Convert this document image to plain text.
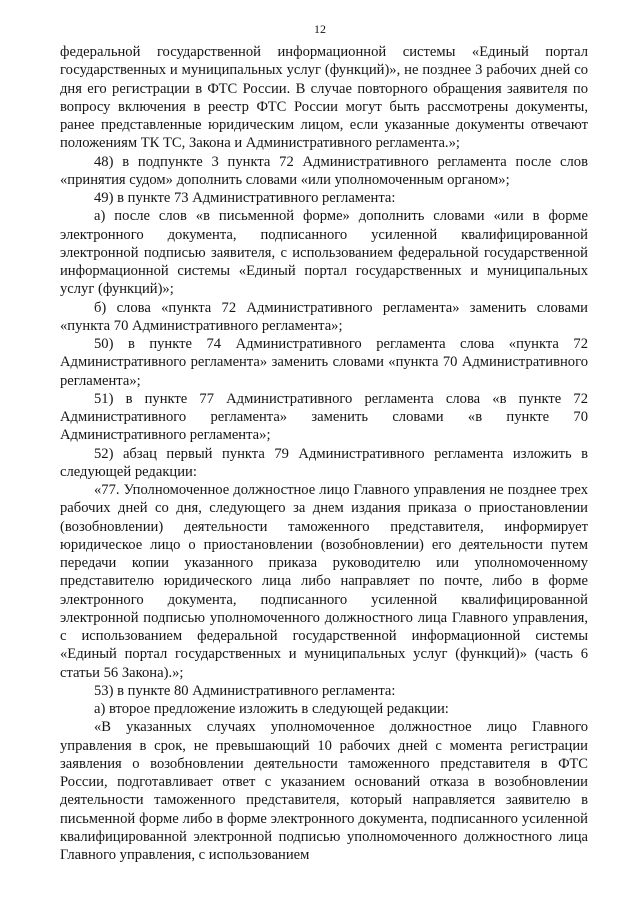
12

федеральной государственной информационной системы «Единый портал государственных и муниципальных услуг (функций)», не позднее 3 рабочих дней со дня его регистрации в ФТС России. В случае повторного обращения заявителя по вопросу включения в реестр ФТС России могут быть рассмотрены документы, ранее представленные юридическим лицом, если указанные документы отвечают положениям ТК ТС, Закона и Административного регламента.»;

48) в подпункте 3 пункта 72 Административного регламента после слов «принятия судом» дополнить словами «или уполномоченным органом»;

49) в пункте 73 Административного регламента:

а) после слов «в письменной форме» дополнить словами «или в форме электронного документа, подписанного усиленной квалифицированной электронной подписью заявителя, с использованием федеральной государственной информационной системы «Единый портал государственных и муниципальных услуг (функций)»;

б) слова «пункта 72 Административного регламента» заменить словами «пункта 70 Административного регламента»;

50) в пункте 74 Административного регламента слова «пункта 72 Административного регламента» заменить словами «пункта 70 Административного регламента»;

51) в пункте 77 Административного регламента слова «в пункте 72 Административного регламента» заменить словами «в пункте 70 Административного регламента»;

52) абзац первый пункта 79 Административного регламента изложить в следующей редакции:

«77. Уполномоченное должностное лицо Главного управления не позднее трех рабочих дней со дня, следующего за днем издания приказа о приостановлении (возобновлении) деятельности таможенного представителя, информирует юридическое лицо о приостановлении (возобновлении) его деятельности путем передачи копии указанного приказа руководителю или уполномоченному представителю юридического лица либо направляет по почте, либо в форме электронного документа, подписанного усиленной квалифицированной электронной подписью уполномоченного должностного лица Главного управления, с использованием федеральной государственной информационной системы «Единый портал государственных и муниципальных услуг (функций)» (часть 6 статьи 56 Закона).»;

53) в пункте 80 Административного регламента:

а) второе предложение изложить в следующей редакции:

«В указанных случаях уполномоченное должностное лицо Главного управления в срок, не превышающий 10 рабочих дней с момента регистрации заявления о возобновлении деятельности таможенного представителя в ФТС России, подготавливает ответ с указанием оснований отказа в возобновлении деятельности таможенного представителя, который направляется заявителю в письменной форме либо в форме электронного документа, подписанного усиленной квалифицированной электронной подписью уполномоченного должностного лица Главного управления, с использованием
